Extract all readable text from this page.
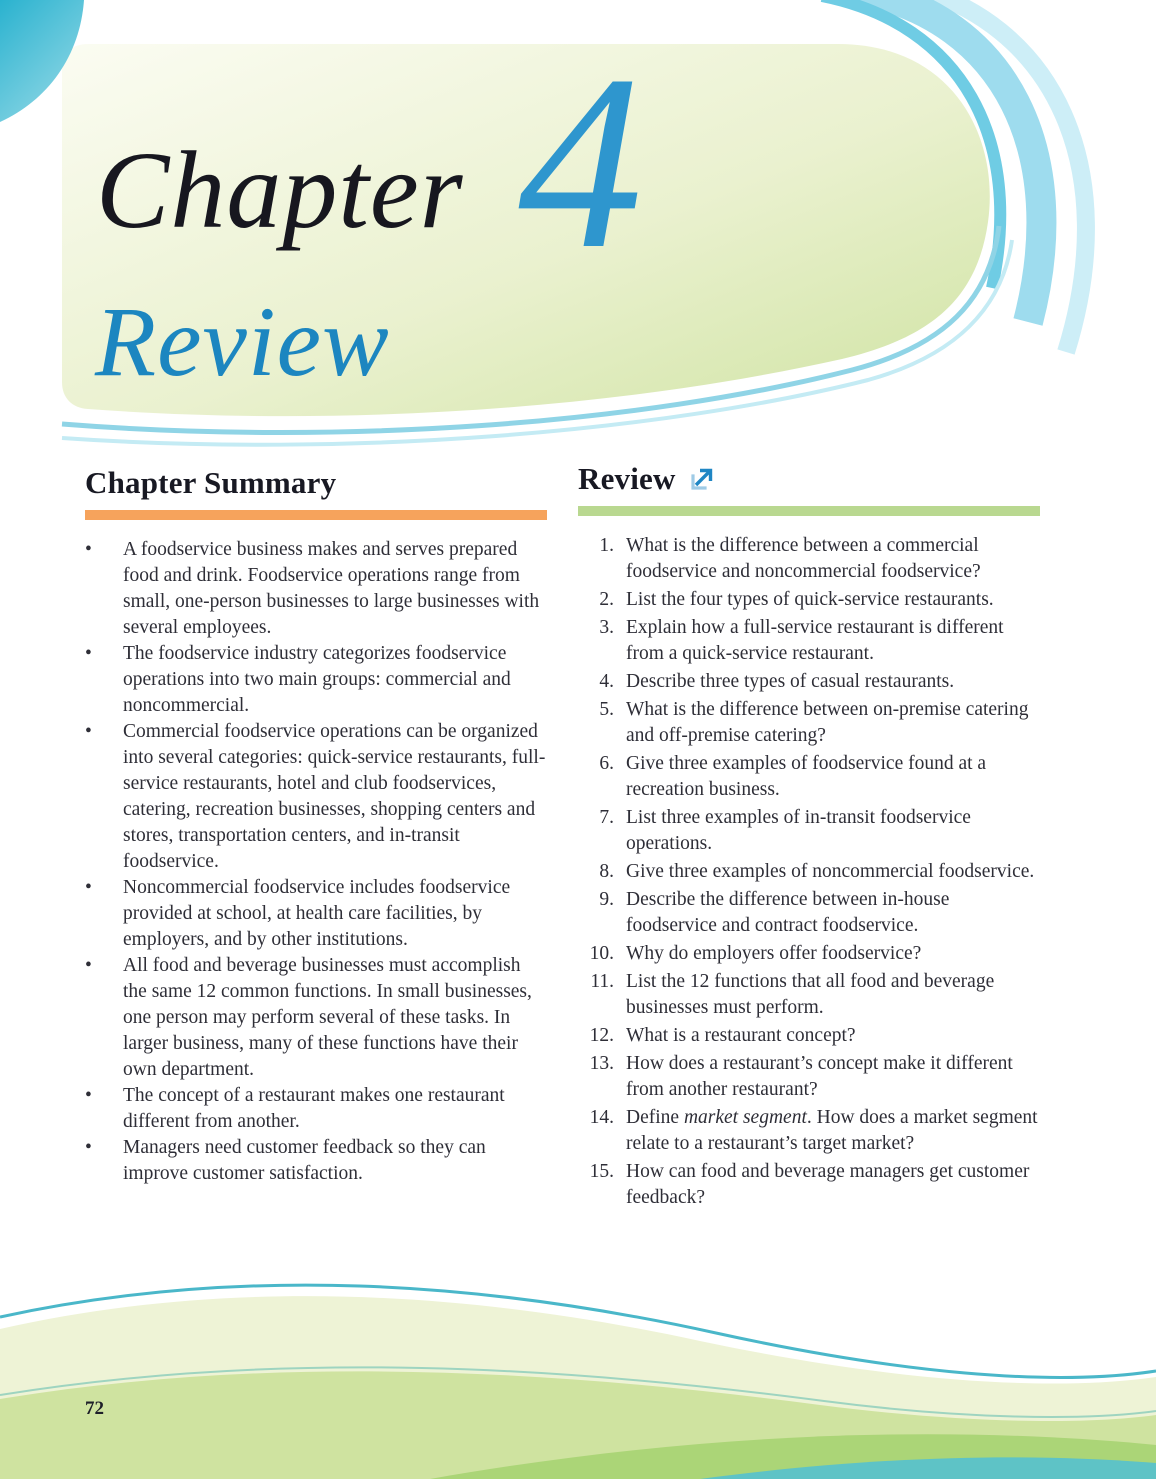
Chapter 4
Review
Chapter Summary
• A foodservice business makes and serves prepared food and drink. Foodservice operations range from small, one-person businesses to large businesses with several employees.
• The foodservice industry categorizes foodservice operations into two main groups: commercial and noncommercial.
• Commercial foodservice operations can be organized into several categories: quick-service restaurants, full-service restaurants, hotel and club foodservices, catering, recreation businesses, shopping centers and stores, transportation centers, and in-transit foodservice.
• Noncommercial foodservice includes foodservice provided at school, at health care facilities, by employers, and by other institutions.
• All food and beverage businesses must accomplish the same 12 common functions. In small businesses, one person may perform several of these tasks. In larger business, many of these functions have their own department.
• The concept of a restaurant makes one restaurant different from another.
• Managers need customer feedback so they can improve customer satisfaction.
Review
1. What is the difference between a commercial foodservice and noncommercial foodservice?
2. List the four types of quick-service restaurants.
3. Explain how a full-service restaurant is different from a quick-service restaurant.
4. Describe three types of casual restaurants.
5. What is the difference between on-premise catering and off-premise catering?
6. Give three examples of foodservice found at a recreation business.
7. List three examples of in-transit foodservice operations.
8. Give three examples of noncommercial foodservice.
9. Describe the difference between in-house foodservice and contract foodservice.
10. Why do employers offer foodservice?
11. List the 12 functions that all food and beverage businesses must perform.
12. What is a restaurant concept?
13. How does a restaurant’s concept make it different from another restaurant?
14. Define market segment. How does a market segment relate to a restaurant’s target market?
15. How can food and beverage managers get customer feedback?
72
